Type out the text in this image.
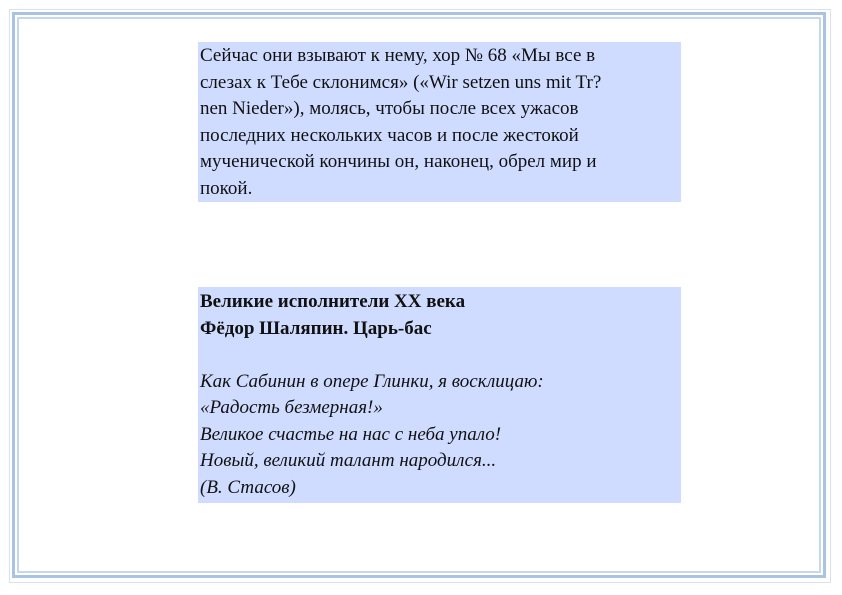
Сейчас они взывают к нему, хор № 68 «Мы все в
слезах к Тебе склонимся» («Wir setzen uns mit Tr?
nen Nieder»), молясь, чтобы после всех ужасов
последних нескольких часов и после жестокой
мученической кончины он, наконец, обрел мир и
покой.
Великие исполнители XX века
Фёдор Шаляпин. Царь-бас
Как Сабинин в опере Глинки, я восклицаю:
«Радость безмерная!»
Великое счастье на нас с неба упало!
Новый, великий талант народился...
(В. Стасов)
